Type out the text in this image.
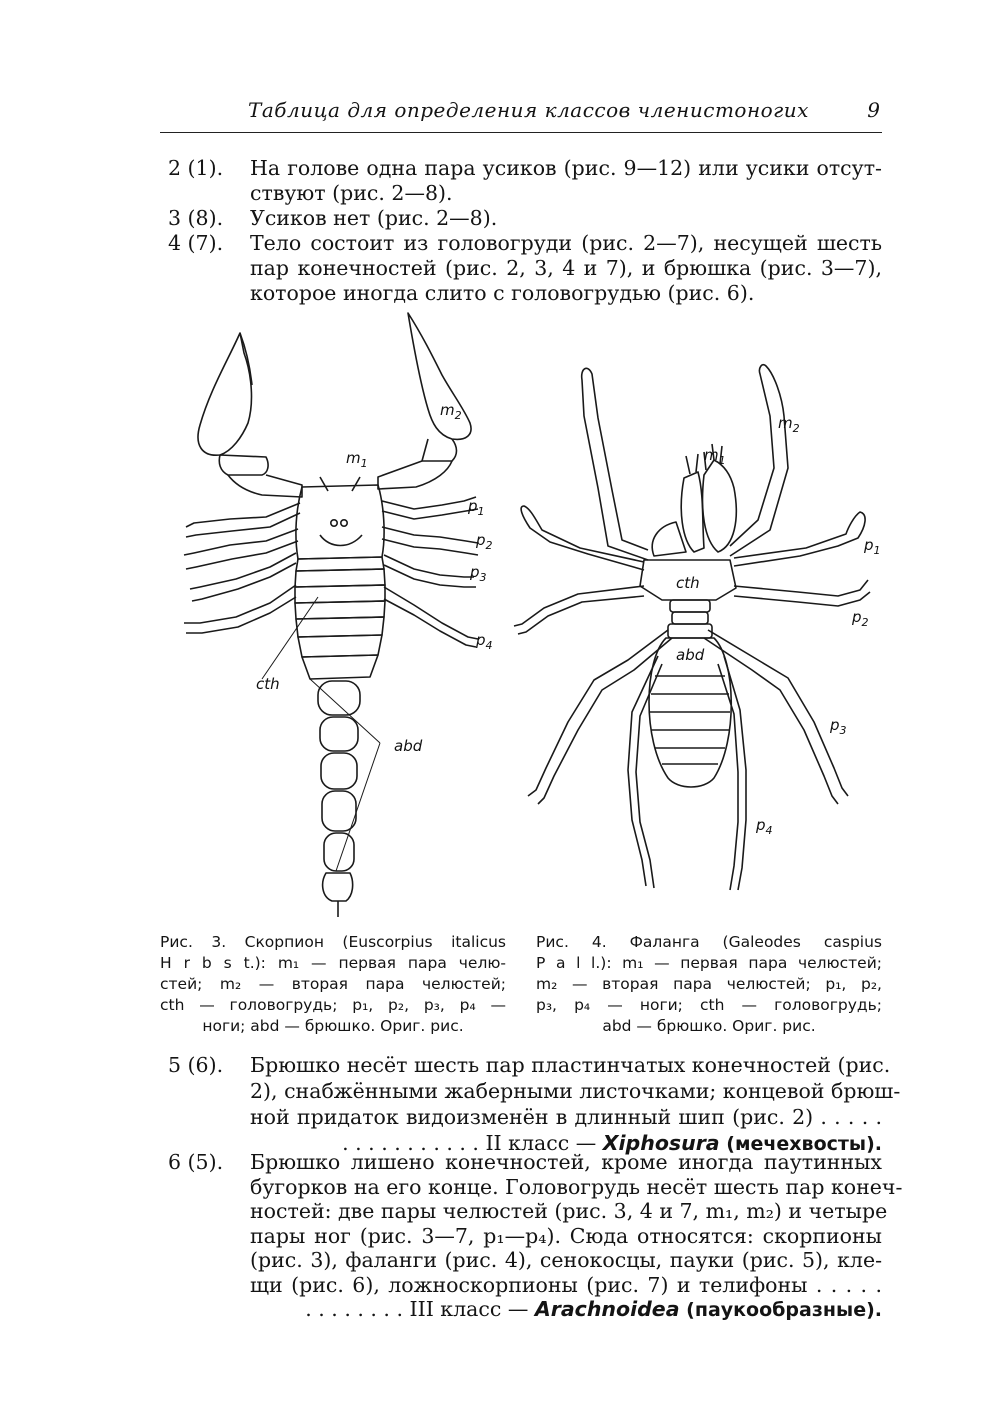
Таблица для определения классов членистоногих	9
2 (1). На голове одна пара усиков (рис. 9—12) или усики отсут-
ствуют (рис. 2—8).
3 (8). Усиков нет (рис. 2—8).
4 (7). Тело состоит из головогруди (рис. 2—7), несущей шесть
пар конечностей (рис. 2, 3, 4 и 7), и брюшка (рис. 3—7),
которое иногда слито с головогрудью (рис. 6).
$m_2$
$m_1$
$p_1$
$p_2$
$p_3$
$p_4$
cth
abd
$m_2$
$m_1$
$p_1$
$p_2$
$p_3$
$p_4$
cth
abd
Рис. 3. Скорпион (Euscorpius italicus
H r b s t.): m₁ — первая пара челю-
стей; m₂ — вторая пара челюстей;
cth — головогрудь; p₁, p₂, p₃, p₄ —
ноги; abd — брюшко. Ориг. рис.
Рис. 4. Фаланга (Galeodes caspius
P a l l.): m₁ — первая пара челюстей;
m₂ — вторая пара челюстей; p₁, p₂,
p₃, p₄ — ноги; cth — головогрудь;
abd — брюшко. Ориг. рис.
5 (6). Брюшко несёт шесть пар пластинчатых конечностей (рис.
2), снабжёнными жаберными листочками; концевой брюш-
ной придаток видоизменён в длинный шип (рис. 2) . . . . .
. . . . . . . . . . . II класс — Xiphosura (мечехвосты).
6 (5). Брюшко лишено конечностей, кроме иногда паутинных
бугорков на его конце. Головогрудь несёт шесть пар конеч-
ностей: две пары челюстей (рис. 3, 4 и 7, m₁, m₂) и четыре
пары ног (рис. 3—7, p₁—p₄). Сюда относятся: скорпионы
(рис. 3), фаланги (рис. 4), сенокосцы, пауки (рис. 5), кле-
щи (рис. 6), ложноскорпионы (рис. 7) и телифоны . . . . .
. . . . . . . . III класс — Arachnoidea (паукообразные).
